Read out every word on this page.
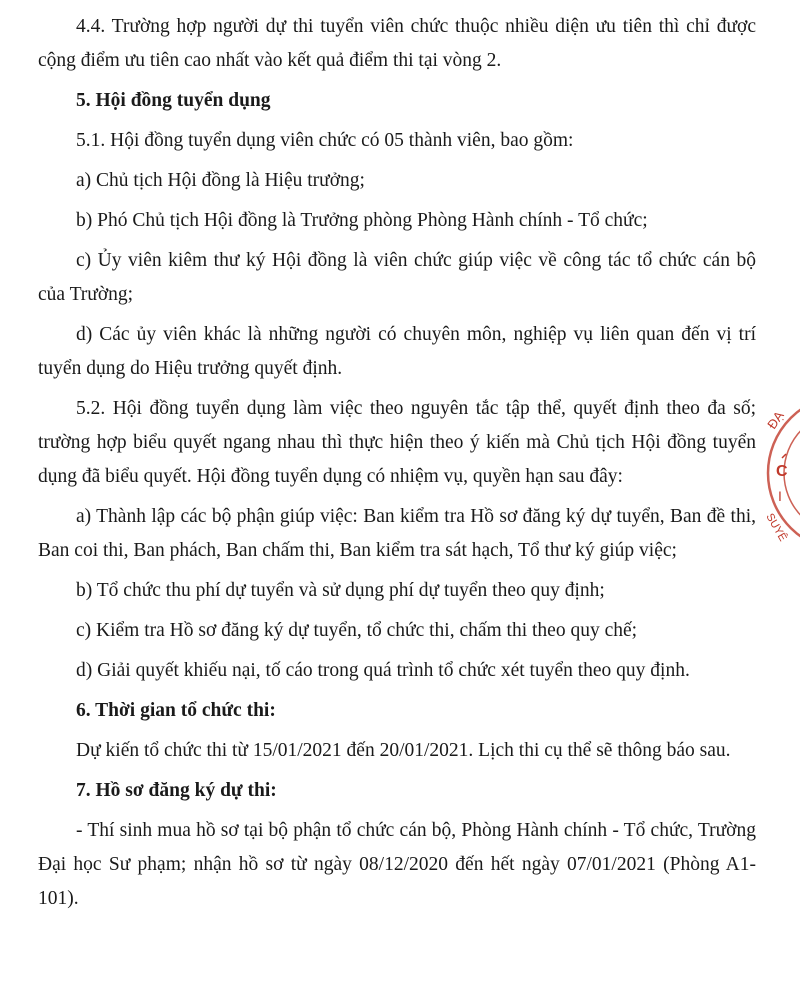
4.4. Trường hợp người dự thi tuyển viên chức thuộc nhiều diện ưu tiên thì chỉ được cộng điểm ưu tiên cao nhất vào kết quả điểm thi tại vòng 2.

5. Hội đồng tuyển dụng

5.1. Hội đồng tuyển dụng viên chức có 05 thành viên, bao gồm:

a) Chủ tịch Hội đồng là Hiệu trưởng;

b) Phó Chủ tịch Hội đồng là Trưởng phòng Phòng Hành chính - Tổ chức;

c) Ủy viên kiêm thư ký Hội đồng là viên chức giúp việc về công tác tổ chức cán bộ của Trường;

d) Các ủy viên khác là những người có chuyên môn, nghiệp vụ liên quan đến vị trí tuyển dụng do Hiệu trưởng quyết định.

5.2. Hội đồng tuyển dụng làm việc theo nguyên tắc tập thể, quyết định theo đa số; trường hợp biểu quyết ngang nhau thì thực hiện theo ý kiến mà Chủ tịch Hội đồng tuyển dụng đã biểu quyết. Hội đồng tuyển dụng có nhiệm vụ, quyền hạn sau đây:

a) Thành lập các bộ phận giúp việc: Ban kiểm tra Hồ sơ đăng ký dự tuyển, Ban đề thi, Ban coi thi, Ban phách, Ban chấm thi, Ban kiểm tra sát hạch, Tổ thư ký giúp việc;

b) Tổ chức thu phí dự tuyển và sử dụng phí dự tuyển theo quy định;

c) Kiểm tra Hồ sơ đăng ký dự tuyển, tổ chức thi, chấm thi theo quy chế;

d) Giải quyết khiếu nại, tố cáo trong quá trình tổ chức xét tuyển theo quy định.

6. Thời gian tổ chức thi:

Dự kiến tổ chức thi từ 15/01/2021 đến 20/01/2021. Lịch thi cụ thể sẽ thông báo sau.

7. Hồ sơ đăng ký dự thi:

- Thí sinh mua hồ sơ tại bộ phận tổ chức cán bộ, Phòng Hành chính - Tổ chức, Trường Đại học Sư phạm; nhận hồ sơ từ ngày 08/12/2020 đến hết ngày 07/01/2021 (Phòng A1-101).

ĐẠ
C
I
SUYÊ
